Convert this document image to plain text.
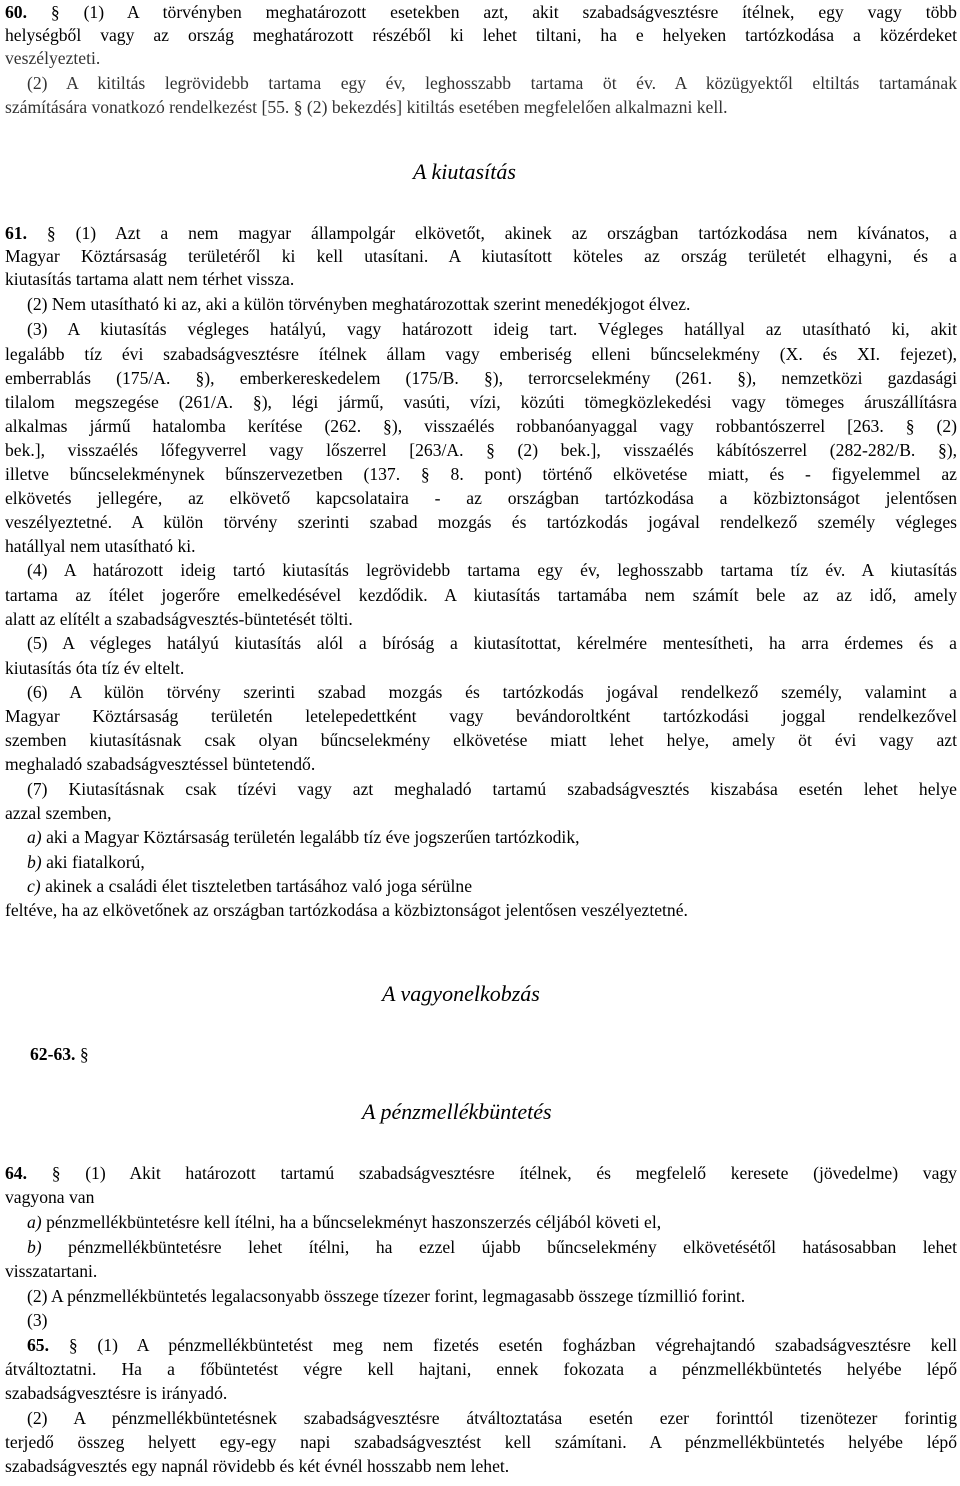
60. § (1) A törvényben meghatározott esetekben azt, akit szabadságvesztésre ítélnek, egy vagy több
helységből vagy az ország meghatározott részéből ki lehet tiltani, ha e helyeken tartózkodása a közérdeket
veszélyezteti.
(2) A kitiltás legrövidebb tartama egy év, leghosszabb tartama öt év. A közügyektől eltiltás tartamának
számítására vonatkozó rendelkezést [55. § (2) bekezdés] kitiltás esetében megfelelően alkalmazni kell.
A kiutasítás
61. § (1) Azt a nem magyar állampolgár elkövetőt, akinek az országban tartózkodása nem kívánatos, a
Magyar Köztársaság területéről ki kell utasítani. A kiutasított köteles az ország területét elhagyni, és a
kiutasítás tartama alatt nem térhet vissza.
(2) Nem utasítható ki az, aki a külön törvényben meghatározottak szerint menedékjogot élvez.
(3) A kiutasítás végleges hatályú, vagy határozott ideig tart. Végleges hatállyal az utasítható ki, akit
legalább tíz évi szabadságvesztésre ítélnek állam vagy emberiség elleni bűncselekmény (X. és XI. fejezet),
emberrablás (175/A. §), emberkereskedelem (175/B. §), terrorcselekmény (261. §), nemzetközi gazdasági
tilalom megszegése (261/A. §), légi jármű, vasúti, vízi, közúti tömegközlekedési vagy tömeges áruszállításra
alkalmas jármű hatalomba kerítése (262. §), visszaélés robbanóanyaggal vagy robbantószerrel [263. § (2)
bek.], visszaélés lőfegyverrel vagy lőszerrel [263/A. § (2) bek.], visszaélés kábítószerrel (282-282/B. §),
illetve bűncselekménynek bűnszervezetben (137. § 8. pont) történő elkövetése miatt, és - figyelemmel az
elkövetés jellegére, az elkövető kapcsolataira - az országban tartózkodása a közbiztonságot jelentősen
veszélyeztetné. A külön törvény szerinti szabad mozgás és tartózkodás jogával rendelkező személy végleges
hatállyal nem utasítható ki.
(4) A határozott ideig tartó kiutasítás legrövidebb tartama egy év, leghosszabb tartama tíz év. A kiutasítás
tartama az ítélet jogerőre emelkedésével kezdődik. A kiutasítás tartamába nem számít bele az az idő, amely
alatt az elítélt a szabadságvesztés-büntetését tölti.
(5) A végleges hatályú kiutasítás alól a bíróság a kiutasítottat, kérelmére mentesítheti, ha arra érdemes és a
kiutasítás óta tíz év eltelt.
(6) A külön törvény szerinti szabad mozgás és tartózkodás jogával rendelkező személy, valamint a
Magyar Köztársaság területén letelepedettként vagy bevándoroltként tartózkodási joggal rendelkezővel
szemben kiutasításnak csak olyan bűncselekmény elkövetése miatt lehet helye, amely öt évi vagy azt
meghaladó szabadságvesztéssel büntetendő.
(7) Kiutasításnak csak tízévi vagy azt meghaladó tartamú szabadságvesztés kiszabása esetén lehet helye
azzal szemben,
a) aki a Magyar Köztársaság területén legalább tíz éve jogszerűen tartózkodik,
b) aki fiatalkorú,
c) akinek a családi élet tiszteletben tartásához való joga sérülne
feltéve, ha az elkövetőnek az országban tartózkodása a közbiztonságot jelentősen veszélyeztetné.
A vagyonelkobzás
62-63. §
A pénzmellékbüntetés
64. § (1) Akit határozott tartamú szabadságvesztésre ítélnek, és megfelelő keresete (jövedelme) vagy
vagyona van
a) pénzmellékbüntetésre kell ítélni, ha a bűncselekményt haszonszerzés céljából követi el,
b) pénzmellékbüntetésre lehet ítélni, ha ezzel újabb bűncselekmény elkövetésétől hatásosabban lehet
visszatartani.
(2) A pénzmellékbüntetés legalacsonyabb összege tízezer forint, legmagasabb összege tízmillió forint.
(3)
65. § (1) A pénzmellékbüntetést meg nem fizetés esetén fogházban végrehajtandó szabadságvesztésre kell
átváltoztatni. Ha a főbüntetést végre kell hajtani, ennek fokozata a pénzmellékbüntetés helyébe lépő
szabadságvesztésre is irányadó.
(2) A pénzmellékbüntetésnek szabadságvesztésre átváltoztatása esetén ezer forinttól tizenötezer forintig
terjedő összeg helyett egy-egy napi szabadságvesztést kell számítani. A pénzmellékbüntetés helyébe lépő
szabadságvesztés egy napnál rövidebb és két évnél hosszabb nem lehet.
